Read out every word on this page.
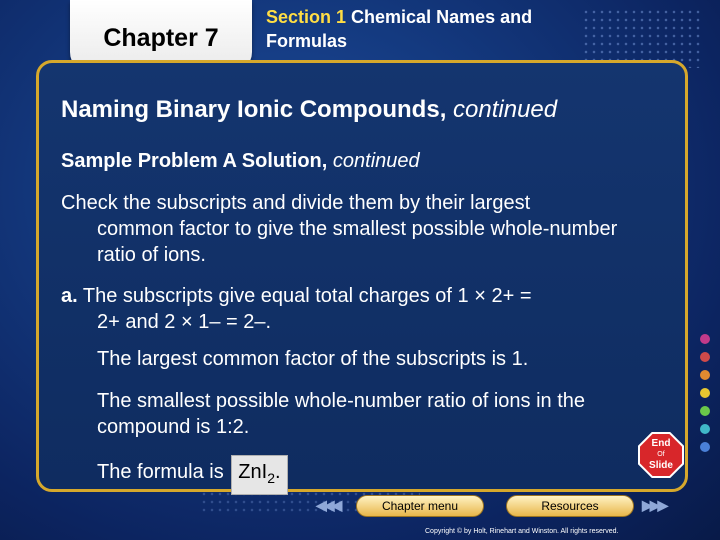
Chapter 7
Section 1 Chemical Names and Formulas
Naming Binary Ionic Compounds, continued
Sample Problem A Solution, continued
Check the subscripts and divide them by their largest
common factor to give the smallest possible whole-number ratio of ions.
a. The subscripts give equal total charges of 1 × 2+ =
2+ and 2 × 1– = 2–.
The largest common factor of the subscripts is 1.
The smallest possible whole-number ratio of ions in the compound is 1:2.
The formula is ZnI$_2$.
End
Of
Slide
◀◀◀	Chapter menu	Resources	▶▶▶
Copyright © by Holt, Rinehart and Winston. All rights reserved.
